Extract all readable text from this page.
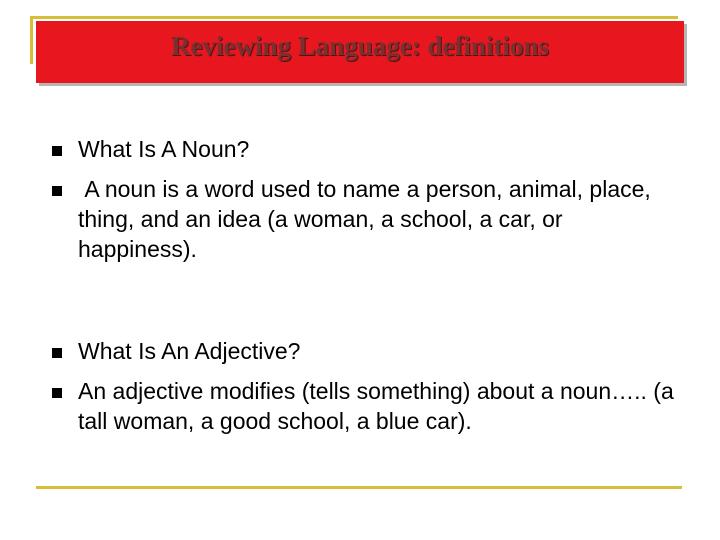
Reviewing Language: definitions
What Is A Noun?
A noun is a word used to name a person, animal, place, thing, and an idea (a woman, a school, a car, or happiness).
What Is An Adjective?
An adjective modifies (tells something) about a noun….. (a tall woman, a good school, a blue car).
